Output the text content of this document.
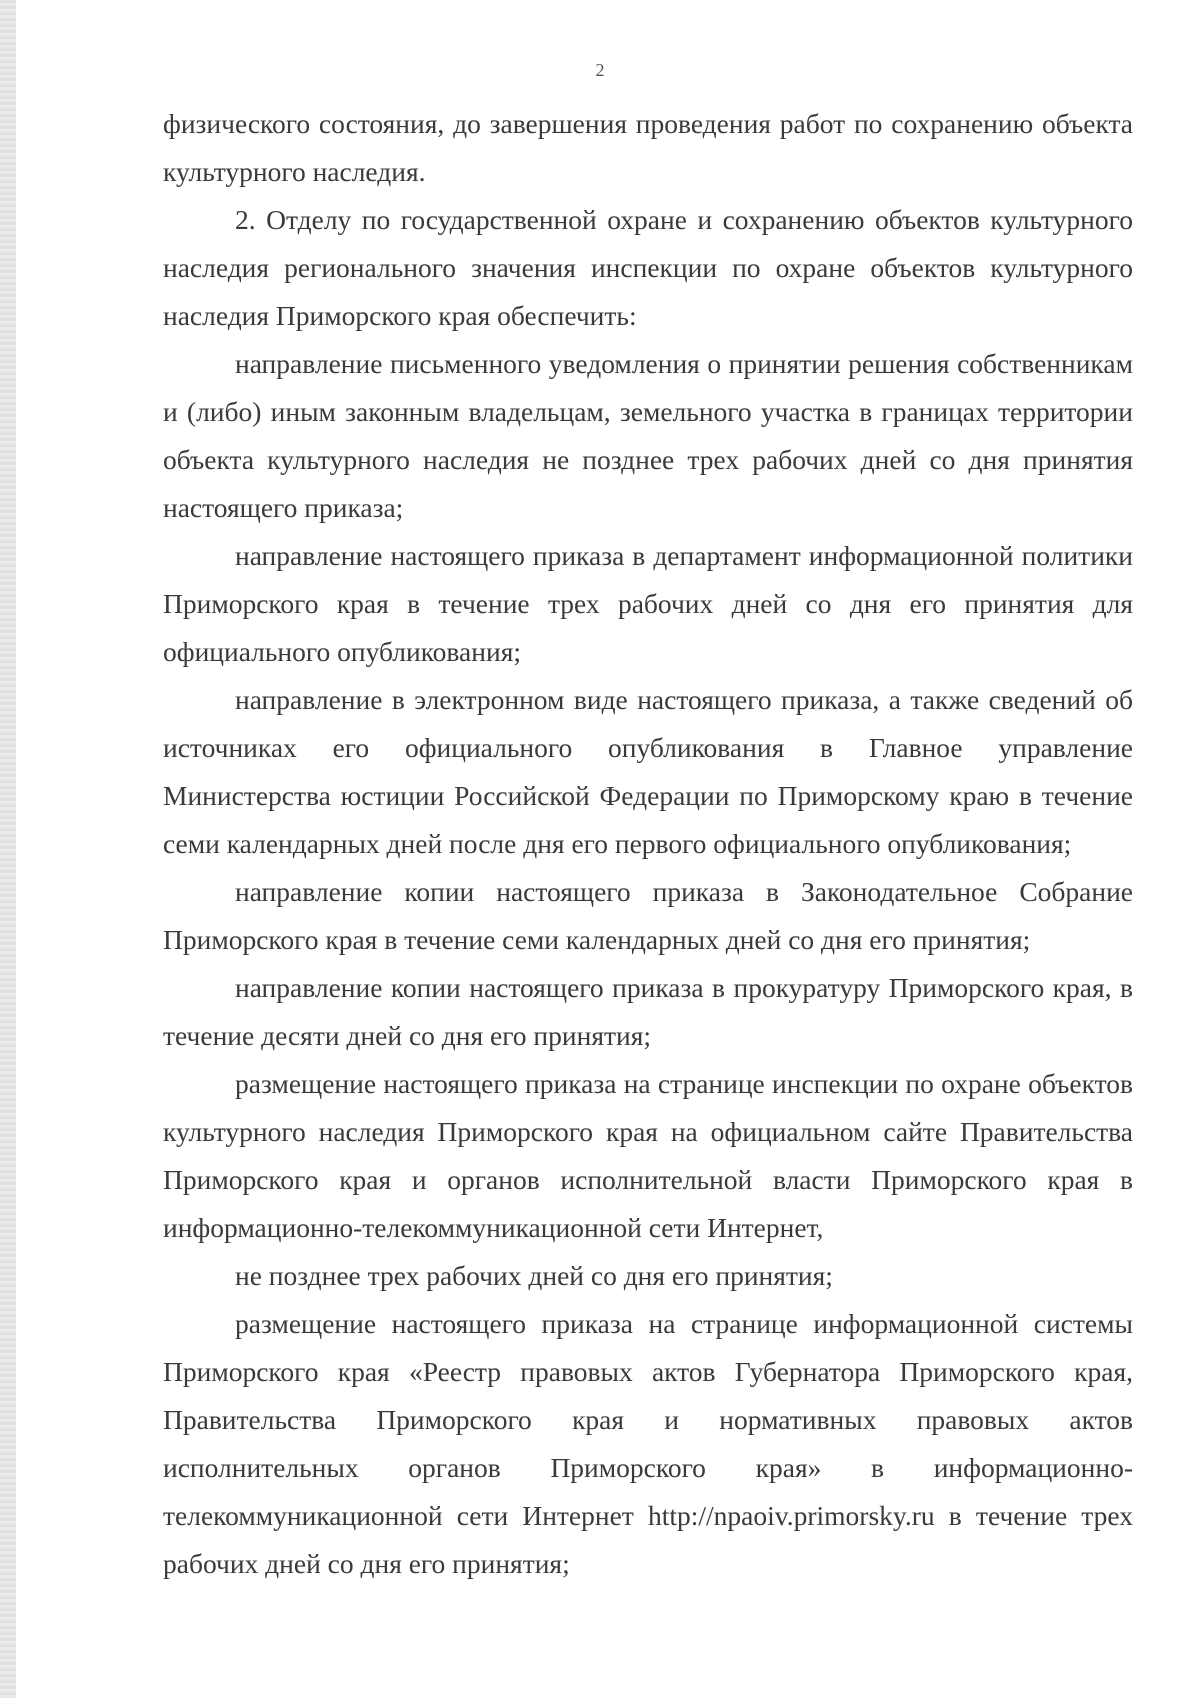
2

физического состояния, до завершения проведения работ по сохранению объекта культурного наследия.

2. Отделу по государственной охране и сохранению объектов культурного наследия регионального значения инспекции по охране объектов культурного наследия Приморского края обеспечить:

направление письменного уведомления о принятии решения собственникам и (либо) иным законным владельцам, земельного участка в границах территории объекта культурного наследия не позднее трех рабочих дней со дня принятия настоящего приказа;

направление настоящего приказа в департамент информационной политики Приморского края в течение трех рабочих дней со дня его принятия для официального опубликования;

направление в электронном виде настоящего приказа, а также сведений об источниках его официального опубликования в Главное управление Министерства юстиции Российской Федерации по Приморскому краю в течение семи календарных дней после дня его первого официального опубликования;

направление копии настоящего приказа в Законодательное Собрание Приморского края в течение семи календарных дней со дня его принятия;

направление копии настоящего приказа в прокуратуру Приморского края, в течение десяти дней со дня его принятия;

размещение настоящего приказа на странице инспекции по охране объектов культурного наследия Приморского края на официальном сайте Правительства Приморского края и органов исполнительной власти Приморского края в информационно-телекоммуникационной сети Интернет,

не позднее трех рабочих дней со дня его принятия;

размещение настоящего приказа на странице информационной системы Приморского края «Реестр правовых актов Губернатора Приморского края, Правительства Приморского края и нормативных правовых актов исполнительных органов Приморского края» в информационно-телекоммуникационной сети Интернет http://npaoiv.primorsky.ru в течение трех рабочих дней со дня его принятия;
